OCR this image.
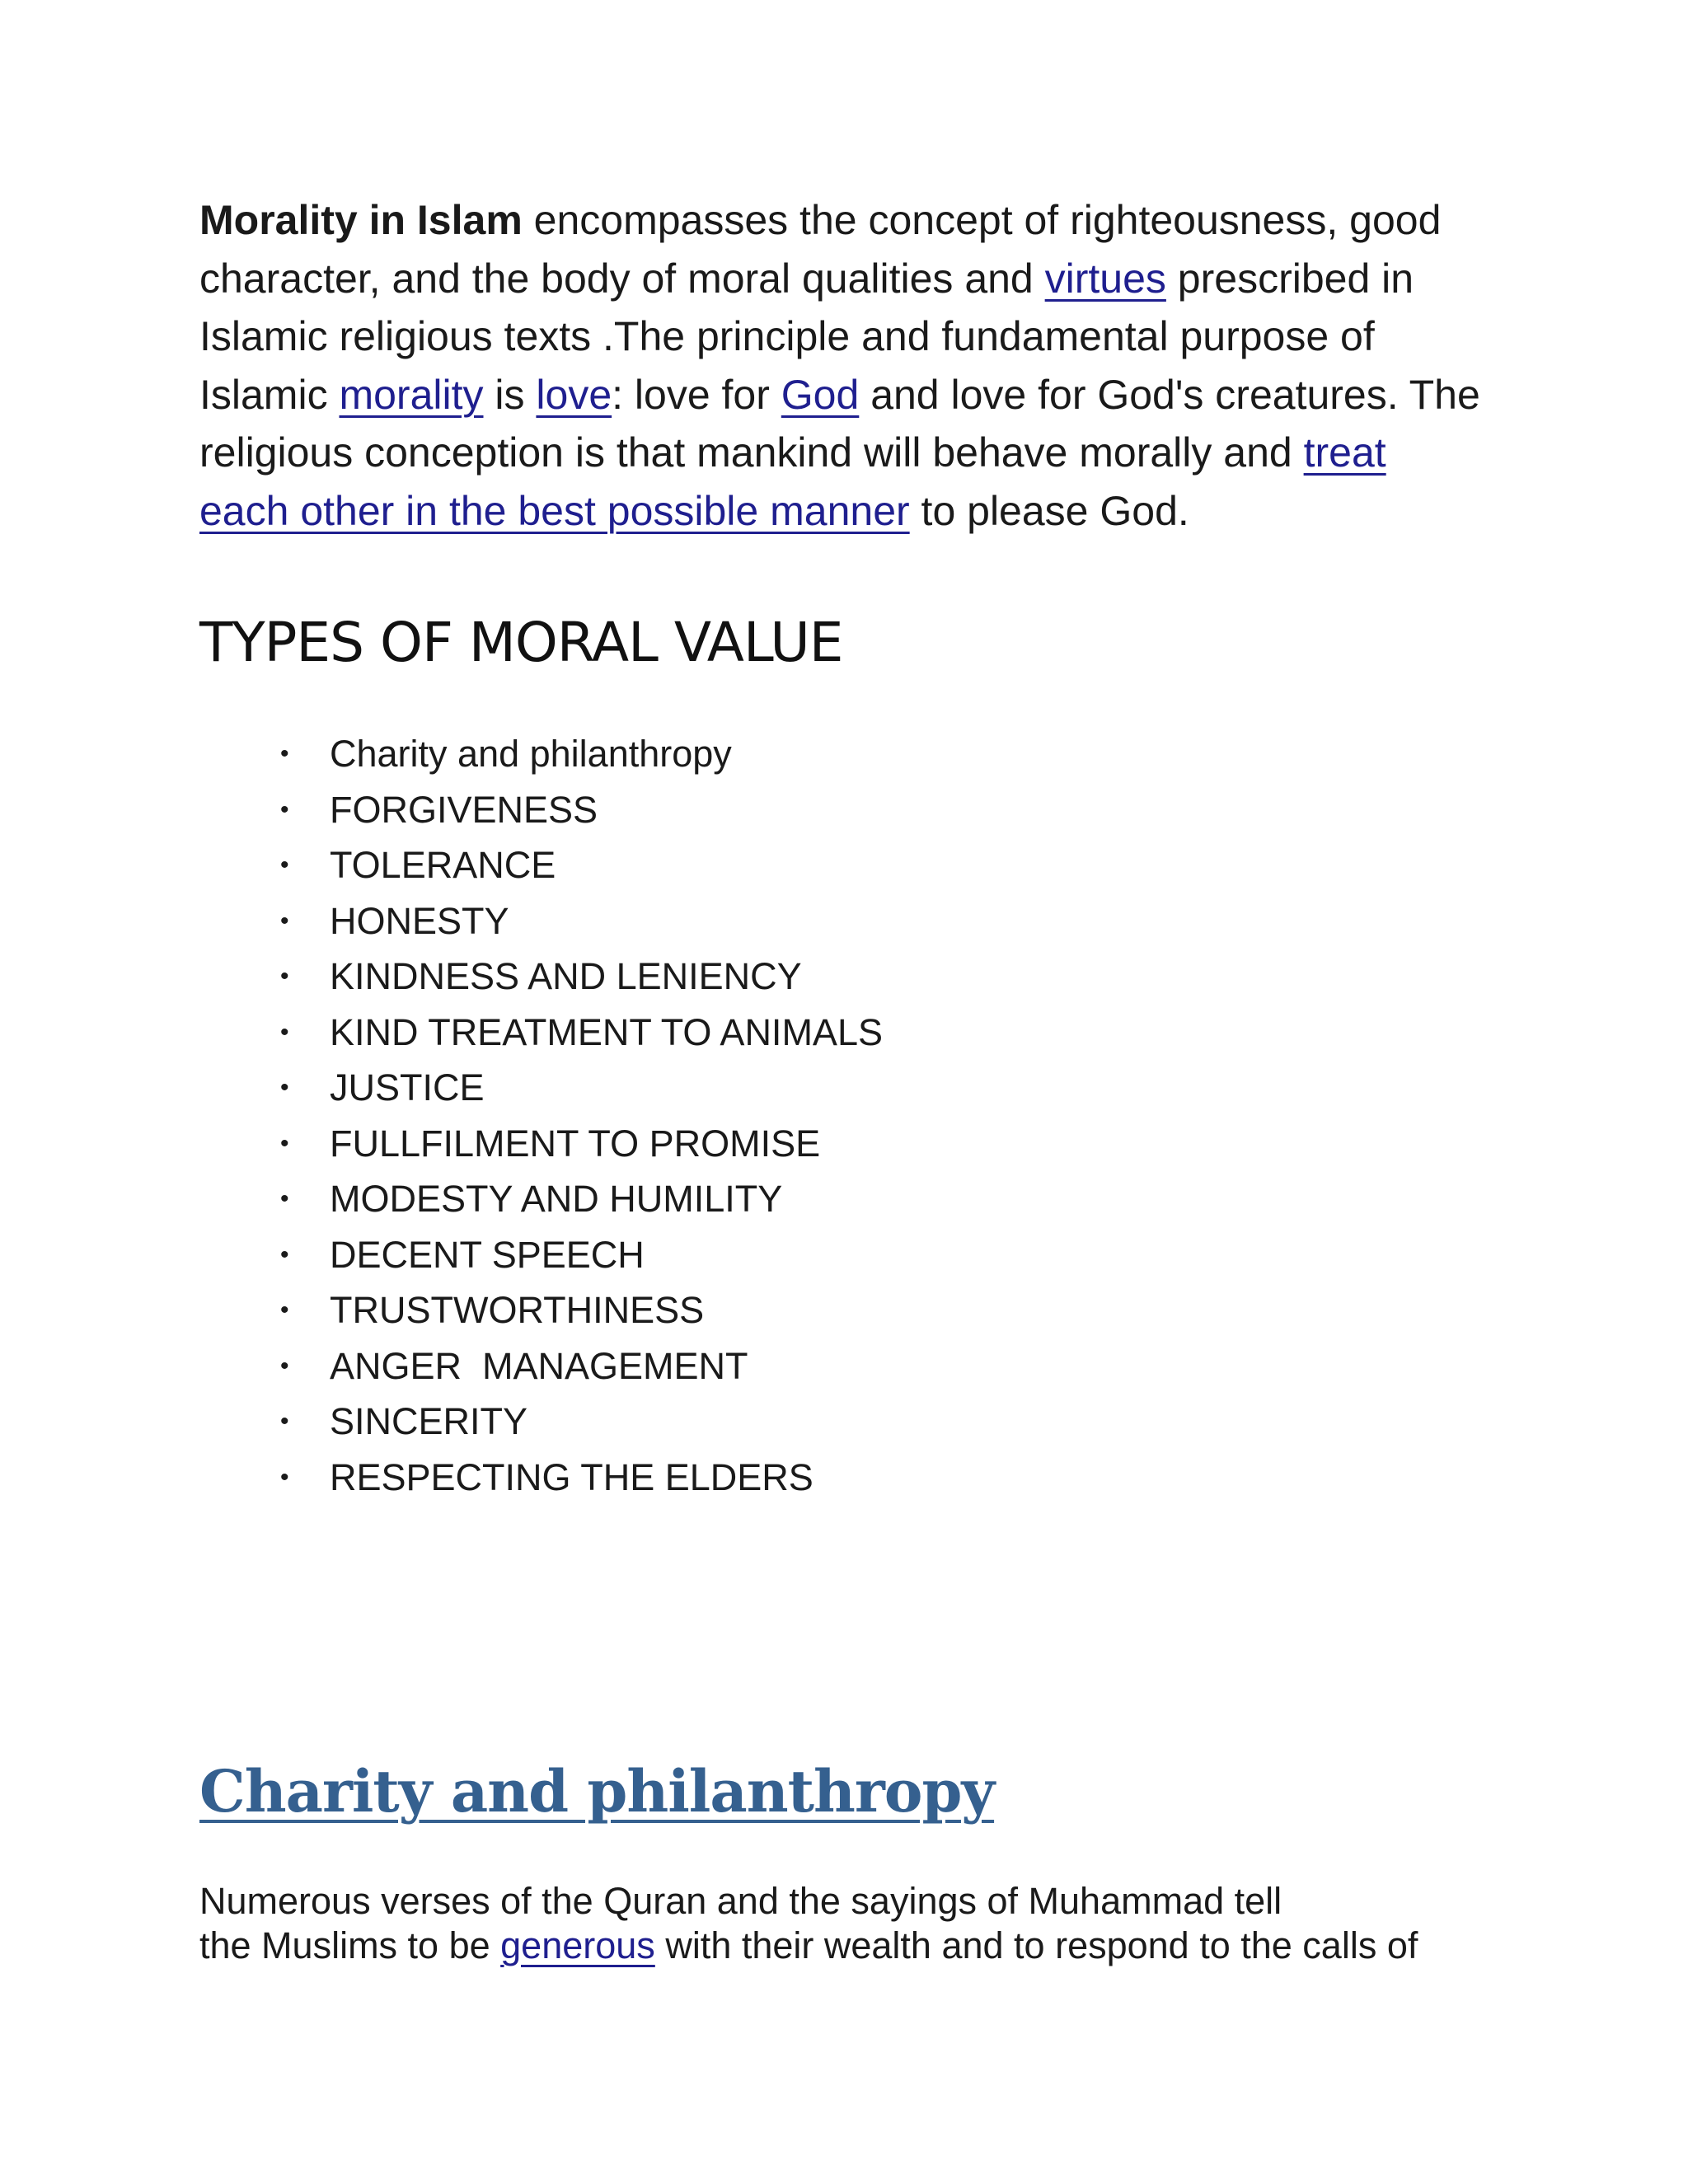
Morality in Islam encompasses the concept of righteousness, good character, and the body of moral qualities and virtues prescribed in Islamic religious texts .The principle and fundamental purpose of Islamic morality is love: love for God and love for God's creatures. The religious conception is that mankind will behave morally and treat each other in the best possible manner to please God.

TYPES OF MORAL VALUE
• Charity and philanthropy
• FORGIVENESS
• TOLERANCE
• HONESTY
• KINDNESS AND LENIENCY
• KIND TREATMENT TO ANIMALS
• JUSTICE
• FULLFILMENT TO PROMISE
• MODESTY AND HUMILITY
• DECENT SPEECH
• TRUSTWORTHINESS
• ANGER  MANAGEMENT
• SINCERITY
• RESPECTING THE ELDERS
Charity and philanthropy

Numerous verses of the Quran and the sayings of Muhammad tell
the Muslims to be generous with their wealth and to respond to the calls of
